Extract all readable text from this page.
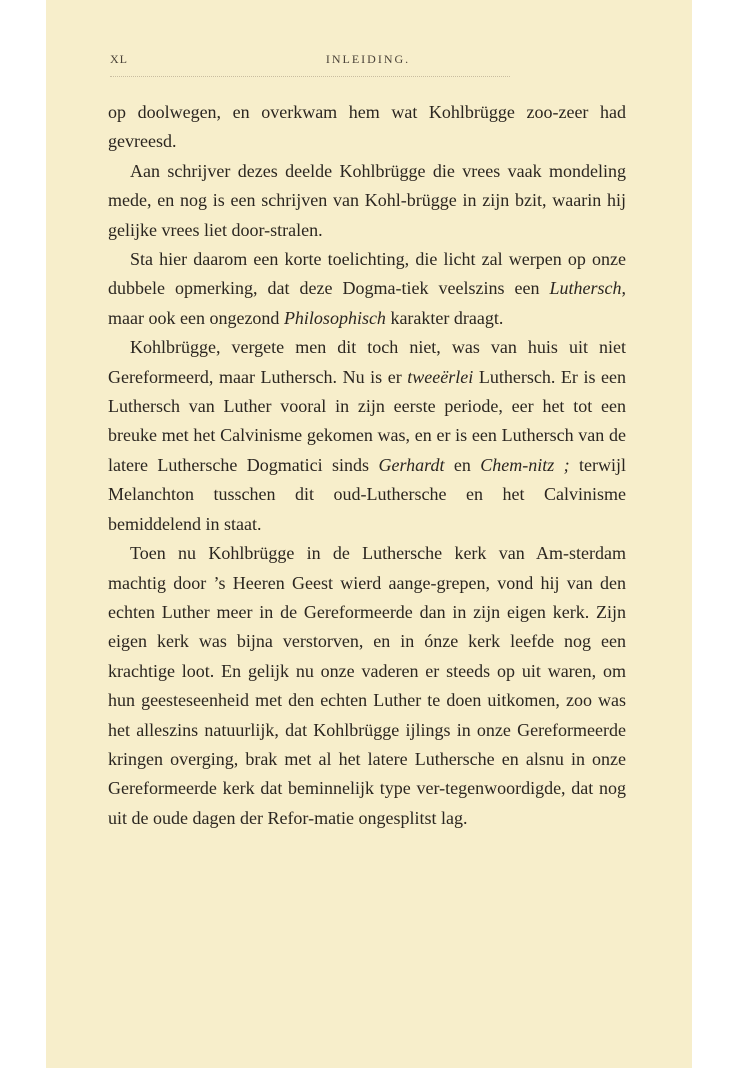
XL	INLEIDING.

op doolwegen, en overkwam hem wat Kohlbrügge zoo-zeer had gevreesd.

Aan schrijver dezes deelde Kohlbrügge die vrees vaak mondeling mede, en nog is een schrijven van Kohl-brügge in zijn bzit, waarin hij gelijke vrees liet door-stralen.

Sta hier daarom een korte toelichting, die licht zal werpen op onze dubbele opmerking, dat deze Dogma-tiek veelszins een Luthersch, maar ook een ongezond Philosophisch karakter draagt.

Kohlbrügge, vergete men dit toch niet, was van huis uit niet Gereformeerd, maar Luthersch. Nu is er tweeërlei Luthersch. Er is een Luthersch van Luther vooral in zijn eerste periode, eer het tot een breuke met het Calvinisme gekomen was, en er is een Luthersch van de latere Luthersche Dogmatici sinds Gerhardt en Chem-nitz ; terwijl Melanchton tusschen dit oud-Luthersche en het Calvinisme bemiddelend in staat.

Toen nu Kohlbrügge in de Luthersche kerk van Am-sterdam machtig door ’s Heeren Geest wierd aange-grepen, vond hij van den echten Luther meer in de Gereformeerde dan in zijn eigen kerk. Zijn eigen kerk was bijna verstorven, en in ónze kerk leefde nog een krachtige loot. En gelijk nu onze vaderen er steeds op uit waren, om hun geesteseenheid met den echten Luther te doen uitkomen, zoo was het alleszins natuurlijk, dat Kohlbrügge ijlings in onze Gereformeerde kringen overging, brak met al het latere Luthersche en alsnu in onze Gereformeerde kerk dat beminnelijk type ver-tegenwoordigde, dat nog uit de oude dagen der Refor-matie ongesplitst lag.
